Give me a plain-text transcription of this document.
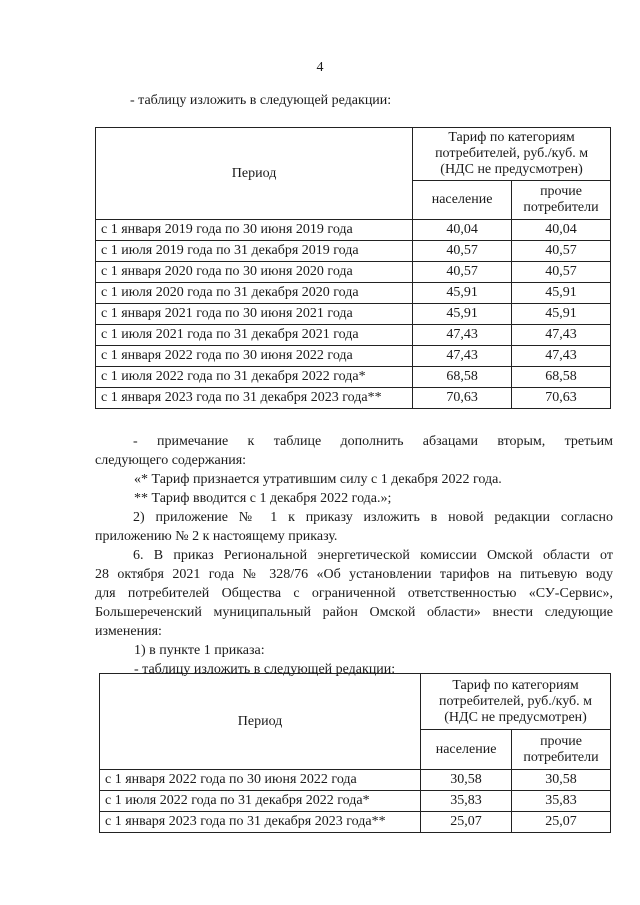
4
- таблицу изложить в следующей редакции:
Период	Тариф по категориям
потребителей, руб./куб. м
(НДС не предусмотрен)	

	население	прочие
потребители

с 1 января 2019 года по 30 июня 2019 года	40,04	40,04
с 1 июля 2019 года по 31 декабря 2019 года	40,57	40,57
с 1 января 2020 года по 30 июня 2020 года	40,57	40,57
с 1 июля 2020 года по 31 декабря 2020 года	45,91	45,91
с 1 января 2021 года по 30 июня 2021 года	45,91	45,91
с 1 июля 2021 года по 31 декабря 2021 года	47,43	47,43
с 1 января 2022 года по 30 июня 2022 года	47,43	47,43
с 1 июля 2022 года по 31 декабря 2022 года*	68,58	68,58
с 1 января 2023 года по 31 декабря 2023 года**	70,63	70,63
- примечание к таблице дополнить абзацами вторым, третьим
следующего содержания:
«* Тариф признается утратившим силу с 1 декабря 2022 года.
** Тариф вводится с 1 декабря 2022 года.»;
2) приложение № 1 к приказу изложить в новой редакции согласно
приложению № 2 к настоящему приказу.
6. В приказ Региональной энергетической комиссии Омской области от
28 октября 2021 года № 328/76 «Об установлении тарифов на питьевую воду
для потребителей Общества с ограниченной ответственностью «СУ-Сервис»,
Большереченский муниципальный район Омской области» внести следующие
изменения:
1) в пункте 1 приказа:
- таблицу изложить в следующей редакции:
Период	Тариф по категориям
потребителей, руб./куб. м
(НДС не предусмотрен)	

	население	прочие
потребители

с 1 января 2022 года по 30 июня 2022 года	30,58	30,58
с 1 июля 2022 года по 31 декабря 2022 года*	35,83	35,83
с 1 января 2023 года по 31 декабря 2023 года**	25,07	25,07
